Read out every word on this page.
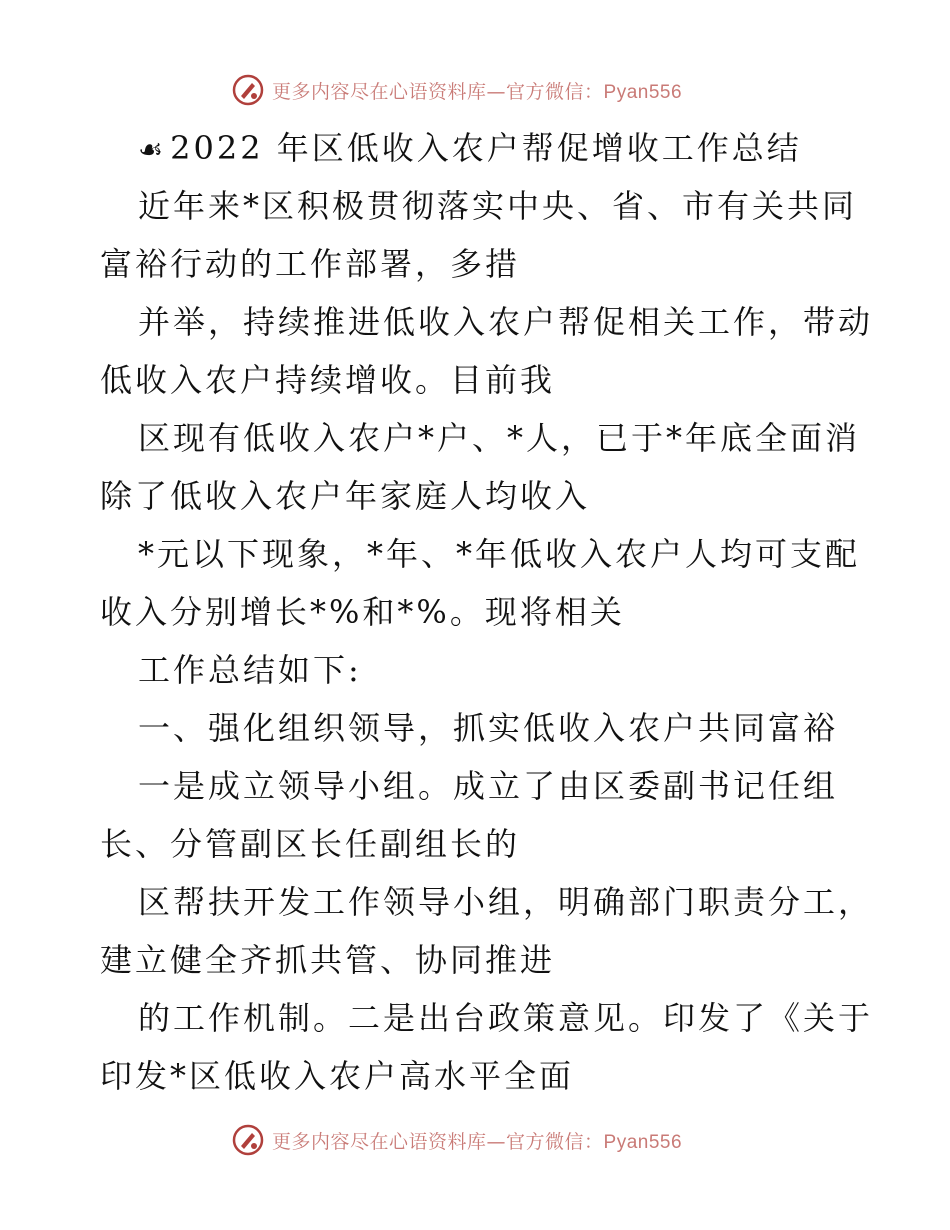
更多内容尽在心语资料库—官方微信：Pyan556
☙ 2022 年区低收入农户帮促增收工作总结
近年来*区积极贯彻落实中央、省、市有关共同
富裕行动的工作部署，多措
并举，持续推进低收入农户帮促相关工作，带动
低收入农户持续增收。目前我
区现有低收入农户*户、*人，已于*年底全面消
除了低收入农户年家庭人均收入
*元以下现象，*年、*年低收入农户人均可支配
收入分别增长*%和*%。现将相关
工作总结如下:
一、强化组织领导，抓实低收入农户共同富裕
一是成立领导小组。成立了由区委副书记任组
长、分管副区长任副组长的
区帮扶开发工作领导小组，明确部门职责分工，
建立健全齐抓共管、协同推进
的工作机制。二是出台政策意见。印发了《关于
印发*区低收入农户高水平全面
更多内容尽在心语资料库—官方微信：Pyan556
